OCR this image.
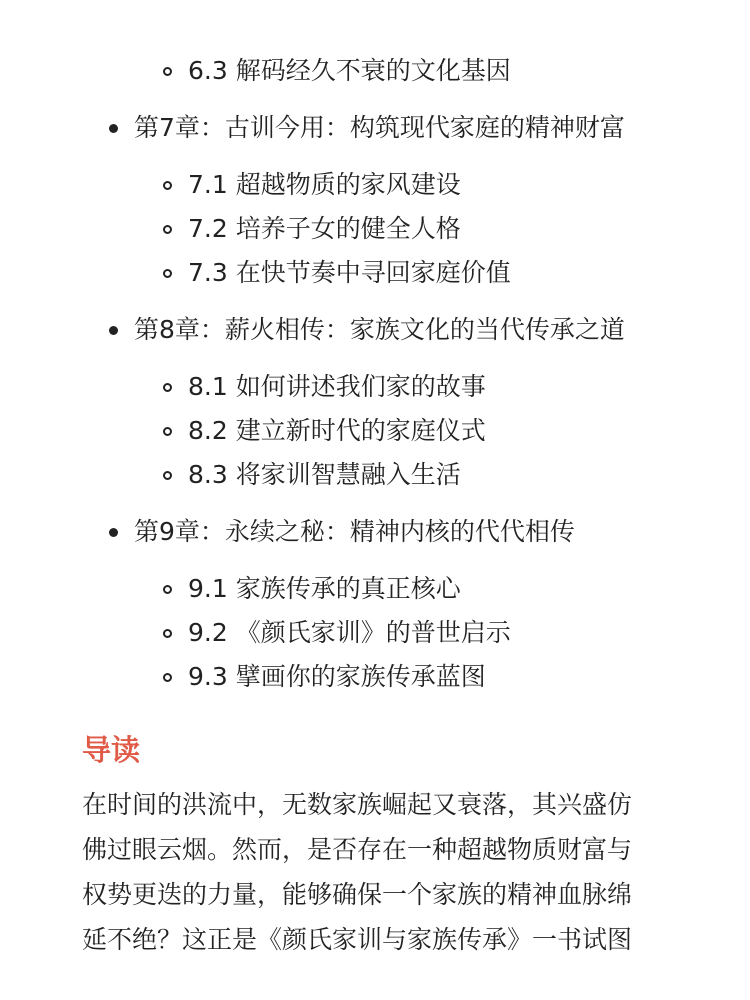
6.3 解码经久不衰的文化基因
第7章：古训今用：构筑现代家庭的精神财富
7.1 超越物质的家风建设
7.2 培养子女的健全人格
7.3 在快节奏中寻回家庭价值
第8章：薪火相传：家族文化的当代传承之道
8.1 如何讲述我们家的故事
8.2 建立新时代的家庭仪式
8.3 将家训智慧融入生活
第9章：永续之秘：精神内核的代代相传
9.1 家族传承的真正核心
9.2 《颜氏家训》的普世启示
9.3 擘画你的家族传承蓝图
导读
在时间的洪流中，无数家族崛起又衰落，其兴盛仿
佛过眼云烟。然而，是否存在一种超越物质财富与
权势更迭的力量，能够确保一个家族的精神血脉绵
延不绝？这正是《颜氏家训与家族传承》一书试图
